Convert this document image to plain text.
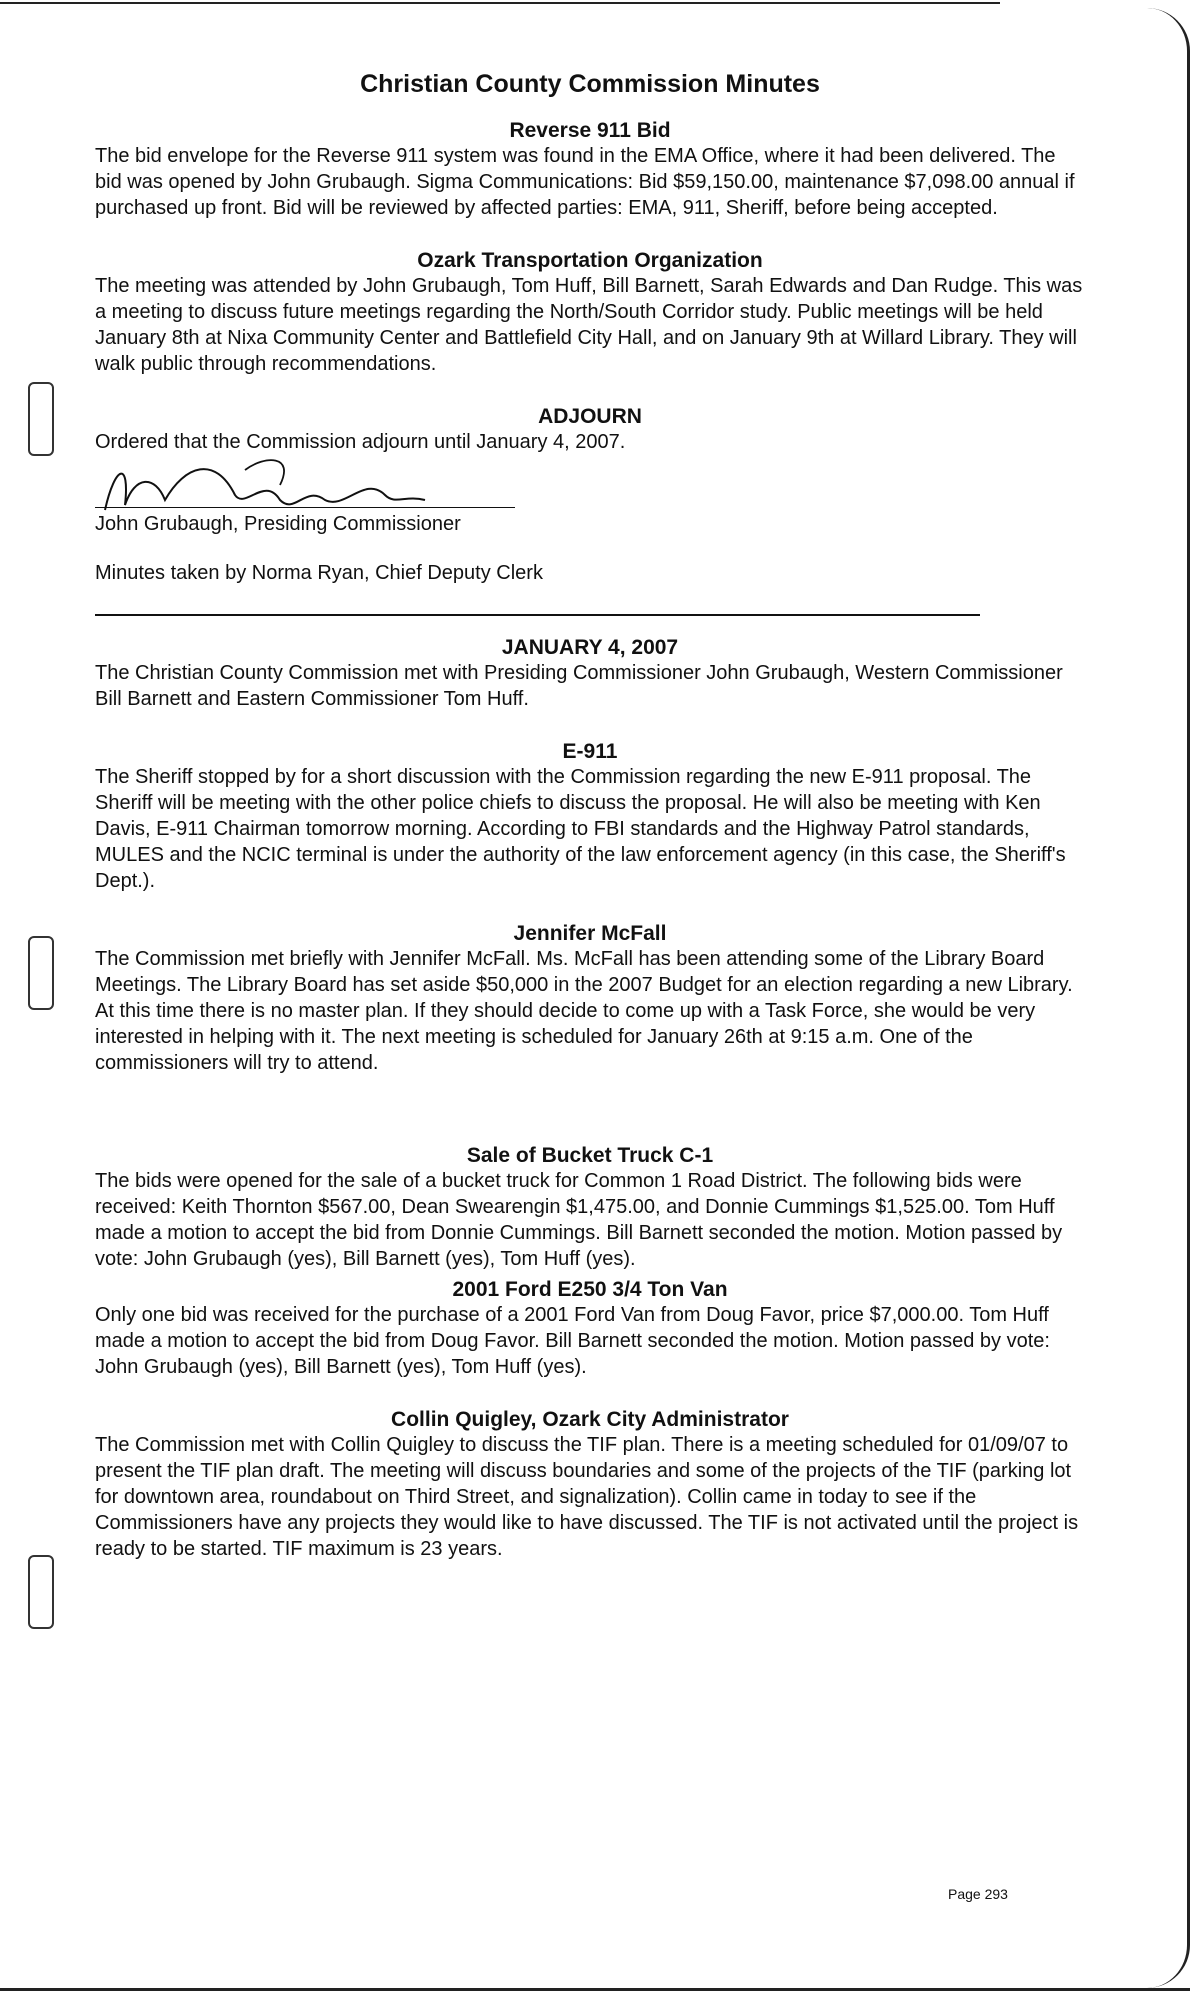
Christian County Commission Minutes
Reverse 911 Bid

The bid envelope for the Reverse 911 system was found in the EMA Office, where it had been delivered. The bid was opened by John Grubaugh. Sigma Communications: Bid $59,150.00, maintenance $7,098.00 annual if purchased up front. Bid will be reviewed by affected parties: EMA, 911, Sheriff, before being accepted.

Ozark Transportation Organization

The meeting was attended by John Grubaugh, Tom Huff, Bill Barnett, Sarah Edwards and Dan Rudge. This was a meeting to discuss future meetings regarding the North/South Corridor study. Public meetings will be held January 8th at Nixa Community Center and Battlefield City Hall, and on January 9th at Willard Library. They will walk public through recommendations.

ADJOURN

Ordered that the Commission adjourn until January 4, 2007.

John Grubaugh, Presiding Commissioner

Minutes taken by Norma Ryan, Chief Deputy Clerk

JANUARY 4, 2007

The Christian County Commission met with Presiding Commissioner John Grubaugh, Western Commissioner Bill Barnett and Eastern Commissioner Tom Huff.

E-911

The Sheriff stopped by for a short discussion with the Commission regarding the new E-911 proposal. The Sheriff will be meeting with the other police chiefs to discuss the proposal. He will also be meeting with Ken Davis, E-911 Chairman tomorrow morning. According to FBI standards and the Highway Patrol standards, MULES and the NCIC terminal is under the authority of the law enforcement agency (in this case, the Sheriff's Dept.).

Jennifer McFall

The Commission met briefly with Jennifer McFall. Ms. McFall has been attending some of the Library Board Meetings. The Library Board has set aside $50,000 in the 2007 Budget for an election regarding a new Library. At this time there is no master plan. If they should decide to come up with a Task Force, she would be very interested in helping with it. The next meeting is scheduled for January 26th at 9:15 a.m. One of the commissioners will try to attend.

Sale of Bucket Truck C-1

The bids were opened for the sale of a bucket truck for Common 1 Road District. The following bids were received: Keith Thornton $567.00, Dean Swearengin $1,475.00, and Donnie Cummings $1,525.00. Tom Huff made a motion to accept the bid from Donnie Cummings. Bill Barnett seconded the motion. Motion passed by vote: John Grubaugh (yes), Bill Barnett (yes), Tom Huff (yes).

2001 Ford E250 3/4 Ton Van

Only one bid was received for the purchase of a 2001 Ford Van from Doug Favor, price $7,000.00. Tom Huff made a motion to accept the bid from Doug Favor. Bill Barnett seconded the motion. Motion passed by vote: John Grubaugh (yes), Bill Barnett (yes), Tom Huff (yes).

Collin Quigley, Ozark City Administrator

The Commission met with Collin Quigley to discuss the TIF plan. There is a meeting scheduled for 01/09/07 to present the TIF plan draft. The meeting will discuss boundaries and some of the projects of the TIF (parking lot for downtown area, roundabout on Third Street, and signalization). Collin came in today to see if the Commissioners have any projects they would like to have discussed. The TIF is not activated until the project is ready to be started. TIF maximum is 23 years.

Page 293
